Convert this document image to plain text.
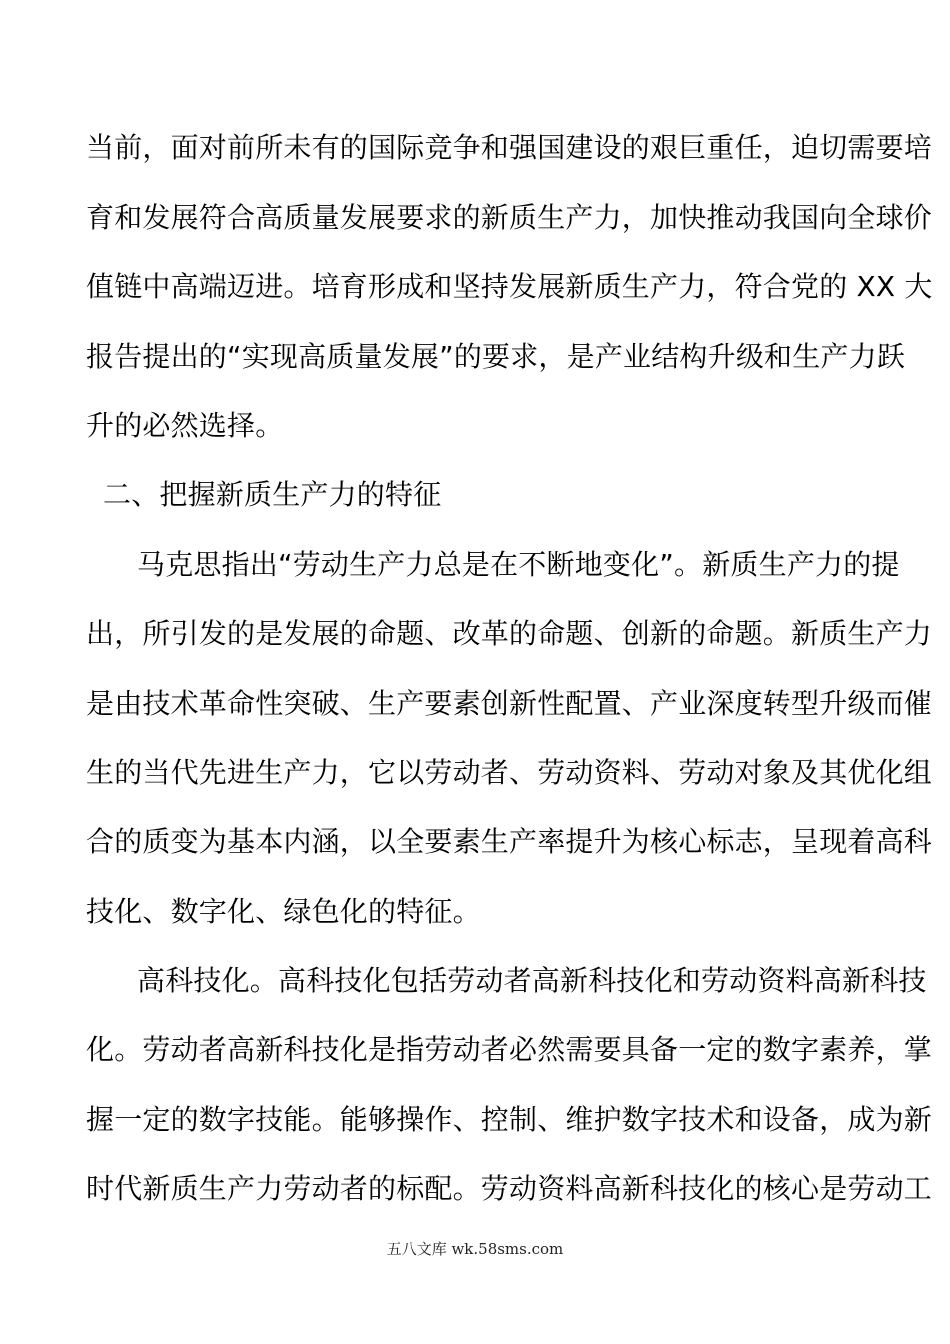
当前，面对前所未有的国际竞争和强国建设的艰巨重任，迫切需要培
育和发展符合高质量发展要求的新质生产力，加快推动我国向全球价
值链中高端迈进。培育形成和坚持发展新质生产力，符合党的 XX 大
报告提出的“实现高质量发展”的要求，是产业结构升级和生产力跃
升的必然选择。
二、把握新质生产力的特征
马克思指出“劳动生产力总是在不断地变化”。新质生产力的提
出，所引发的是发展的命题、改革的命题、创新的命题。新质生产力
是由技术革命性突破、生产要素创新性配置、产业深度转型升级而催
生的当代先进生产力，它以劳动者、劳动资料、劳动对象及其优化组
合的质变为基本内涵，以全要素生产率提升为核心标志，呈现着高科
技化、数字化、绿色化的特征。
高科技化。高科技化包括劳动者高新科技化和劳动资料高新科技
化。劳动者高新科技化是指劳动者必然需要具备一定的数字素养，掌
握一定的数字技能。能够操作、控制、维护数字技术和设备，成为新
时代新质生产力劳动者的标配。劳动资料高新科技化的核心是劳动工
五八文库 wk.58sms.com
